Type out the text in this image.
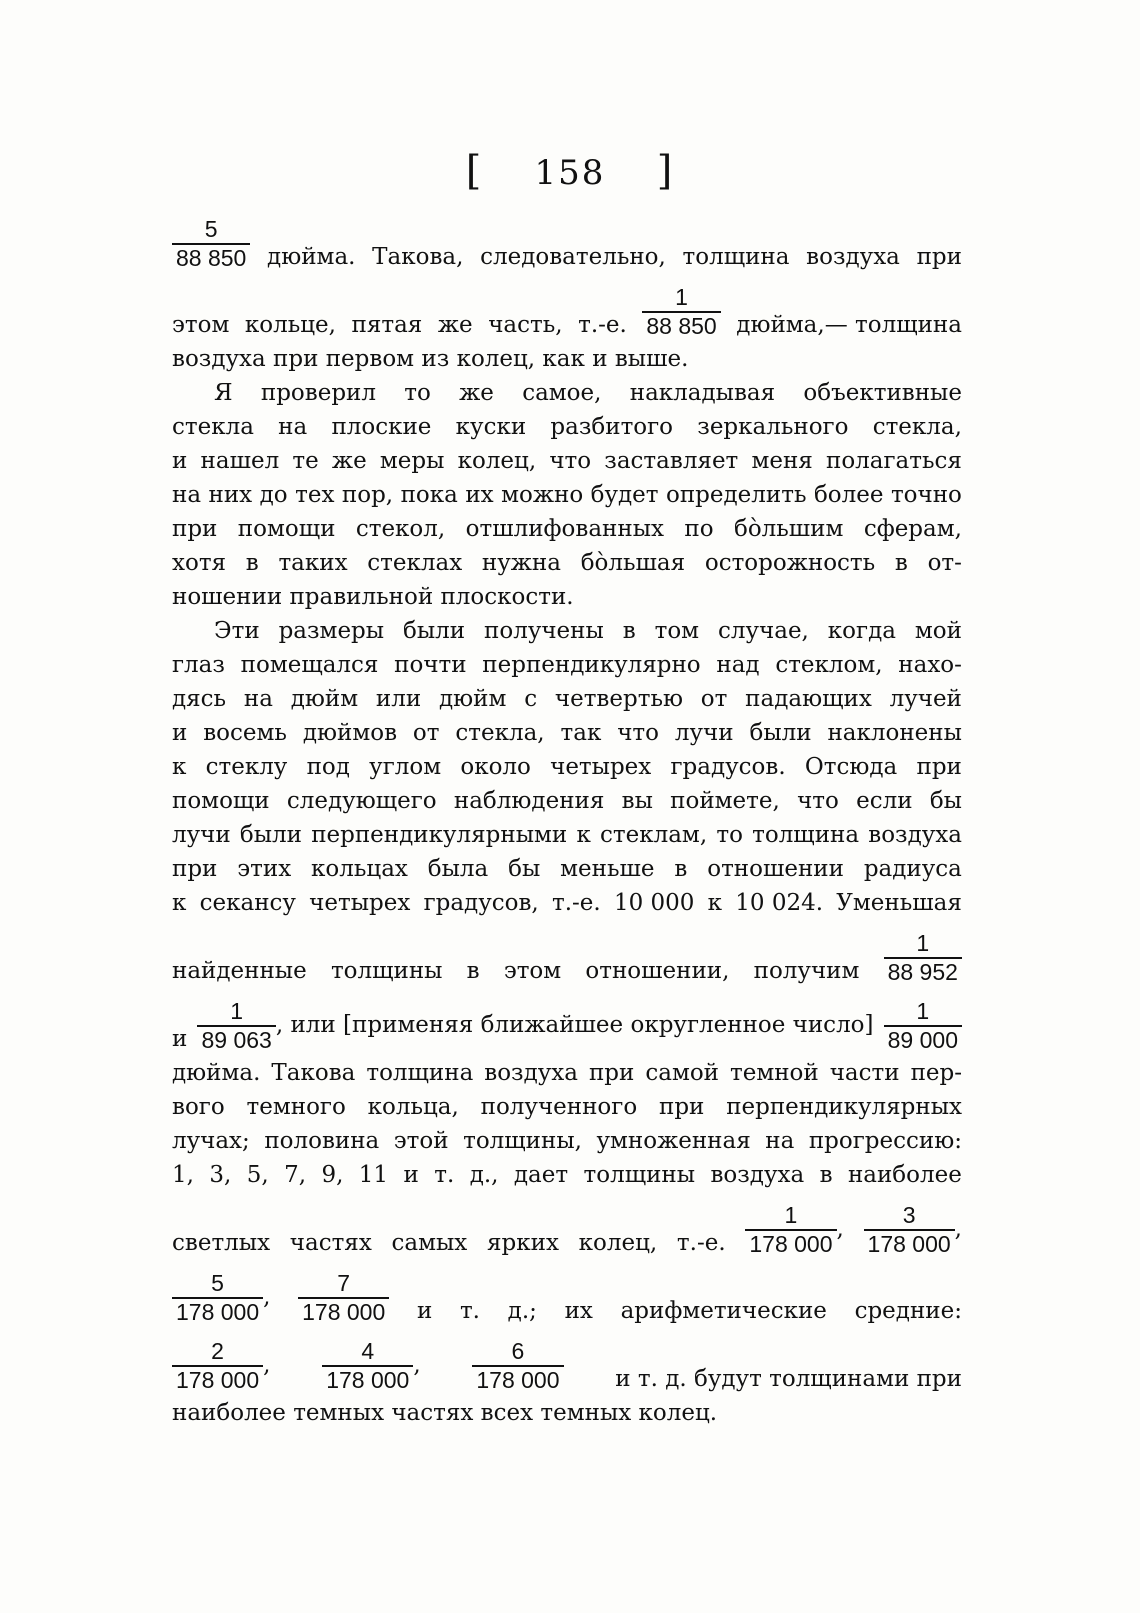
[ 158 ]
$\frac{5}{88 850}$ дюйма. Такова, следовательно, толщина воздуха при
этом кольце, пятая же часть, т.-е. $\frac{1}{88 850}$ дюйма,— толщина
воздуха при первом из колец, как и выше.
Я проверил то же самое, накладывая объективные
стекла на плоские куски разбитого зеркального стекла,
и нашел те же меры колец, что заставляет меня полагаться
на них до тех пор, пока их можно будет определить более точно
при помощи стекол, отшлифованных по бо̀льшим сферам,
хотя в таких стеклах нужна бо̀льшая осторожность в от-
ношении правильной плоскости.
Эти размеры были получены в том случае, когда мой
глаз помещался почти перпендикулярно над стеклом, нахо-
дясь на дюйм или дюйм с четвертью от падающих лучей
и восемь дюймов от стекла, так что лучи были наклонены
к стеклу под углом около четырех градусов. Отсюда при
помощи следующего наблюдения вы поймете, что если бы
лучи были перпендикулярными к стеклам, то толщина воздуха
при этих кольцах была бы меньше в отношении радиуса
к секансу четырех градусов, т.-е. 10 000 к 10 024. Уменьшая
найденные толщины в этом отношении, получим $\frac{1}{88 952}$
и $\frac{1}{89 063}$ , или [применяя ближайшее округленное число] $\frac{1}{89 000}$
дюйма. Такова толщина воздуха при самой темной части пер-
вого темного кольца, полученного при перпендикулярных
лучах; половина этой толщины, умноженная на прогрессию:
1, 3, 5, 7, 9, 11 и т. д., дает толщины воздуха в наиболее
светлых частях самых ярких колец, т.-е. $\frac{1}{178 000}$ , $\frac{3}{178 000}$ ,
$\frac{5}{178 000}$ , $\frac{7}{178 000}$ и т. д.; их арифметические средние:
$\frac{2}{178 000}$ , $\frac{4}{178 000}$ , $\frac{6}{178 000}$ и т. д. будут толщинами при
наиболее темных частях всех темных колец.
